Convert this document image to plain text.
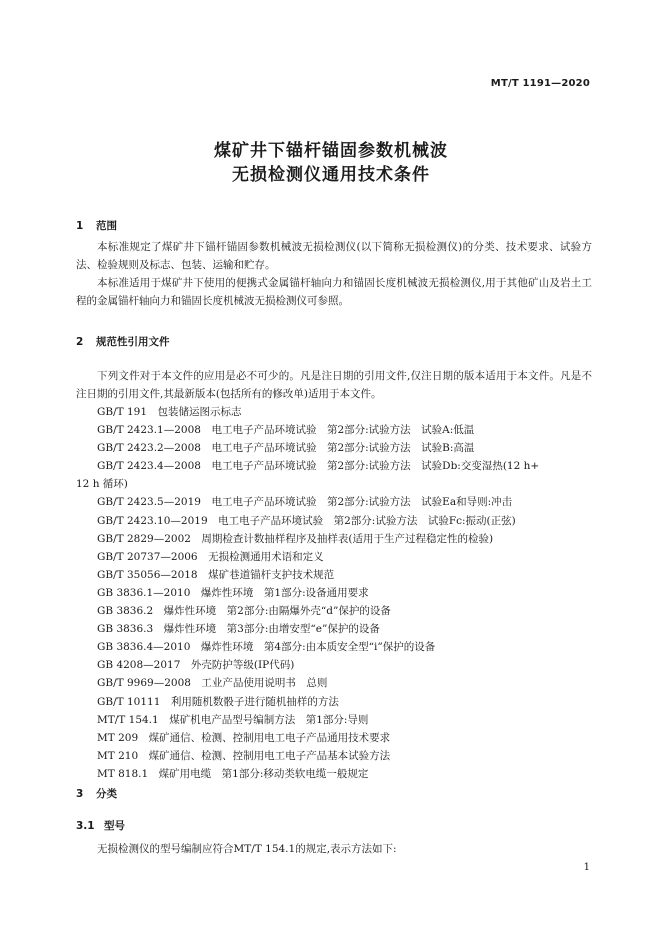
MT/T 1191—2020
煤矿井下锚杆锚固参数机械波
无损检测仪通用技术条件
1 范围
本标准规定了煤矿井下锚杆锚固参数机械波无损检测仪(以下简称无损检测仪)的分类、技术要求、试验方法、检验规则及标志、包装、运输和贮存。
本标准适用于煤矿井下使用的便携式金属锚杆轴向力和锚固长度机械波无损检测仪,用于其他矿山及岩土工程的金属锚杆轴向力和锚固长度机械波无损检测仪可参照。
2 规范性引用文件
下列文件对于本文件的应用是必不可少的。凡是注日期的引用文件,仅注日期的版本适用于本文件。凡是不注日期的引用文件,其最新版本(包括所有的修改单)适用于本文件。
GB/T 191　包装储运图示标志
GB/T 2423.1—2008　电工电子产品环境试验　第2部分:试验方法　试验A:低温
GB/T 2423.2—2008　电工电子产品环境试验　第2部分:试验方法　试验B:高温
GB/T 2423.4—2008　电工电子产品环境试验　第2部分:试验方法　试验Db:交变湿热(12 h+
12 h 循环)
GB/T 2423.5—2019　电工电子产品环境试验　第2部分:试验方法　试验Ea和导则:冲击
GB/T 2423.10—2019　电工电子产品环境试验　第2部分:试验方法　试验Fc:振动(正弦)
GB/T 2829—2002　周期检查计数抽样程序及抽样表(适用于生产过程稳定性的检验)
GB/T 20737—2006　无损检测通用术语和定义
GB/T 35056—2018　煤矿巷道锚杆支护技术规范
GB 3836.1—2010　爆炸性环境　第1部分:设备通用要求
GB 3836.2　爆炸性环境　第2部分:由隔爆外壳“d”保护的设备
GB 3836.3　爆炸性环境　第3部分:由增安型“e”保护的设备
GB 3836.4—2010　爆炸性环境　第4部分:由本质安全型“i”保护的设备
GB 4208—2017　外壳防护等级(IP代码)
GB/T 9969—2008　工业产品使用说明书　总则
GB/T 10111　利用随机数骰子进行随机抽样的方法
MT/T 154.1　煤矿机电产品型号编制方法　第1部分:导则
MT 209　煤矿通信、检测、控制用电工电子产品通用技术要求
MT 210　煤矿通信、检测、控制用电工电子产品基本试验方法
MT 818.1　煤矿用电缆　第1部分:移动类软电缆一般规定
3 分类
3.1 型号
无损检测仪的型号编制应符合MT/T 154.1的规定,表示方法如下:
1
